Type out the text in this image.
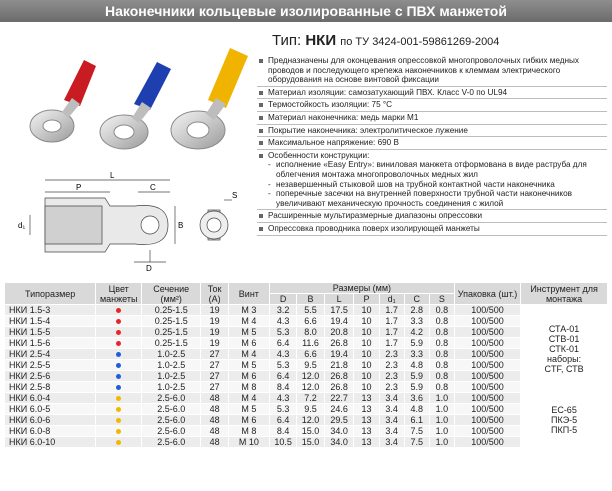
Наконечники кольцевые изолированные с ПВХ манжетой
Тип: НКИ по ТУ 3424-001-59861269-2004
L
P	C
d₁	B
D
S
Предназначены для оконцевания опрессовкой многопроволочных гибких медных проводов и последующего крепежа наконечников к клеммам электрического оборудования на основе винтовой фиксации
Материал изоляции: самозатухающий ПВХ. Класс V-0 по UL94
Термостойкость изоляции: 75 °С
Материал наконечника: медь марки М1
Покрытие наконечника: электролитическое лужение
Максимальное напряжение: 690 В
Особенности конструкции:
- исполнение «Easy Entry»: виниловая манжета отформована в виде раструба для облегчения монтажа многопроволочных медных жил
- незавершенный стыковой шов на трубной контактной части наконечника
- поперечные засечки на внутренней поверхности трубной части наконечников увеличивают механическую прочность соединения с жилой
Расширенные мультиразмерные диапазоны опрессовки
Опрессовка проводника поверх изолирующей манжеты
Типоразмер	Цвет манжеты	Сечение (мм²)	Ток (А)	Винт	Размеры (мм)							Упаковка (шт.)	Инструмент для монтажа
					D	B	L	P	d₁	C	S		
НКИ 1.5-3		0.25-1.5	19	М 3	3.2	5.5	17.5	10	1.7	2.8	0.8	100/500	СТА-01
СТВ-01
СТК-01
наборы:
CTF, СТВ

НКИ 1.5-4		0.25-1.5	19	М 4	4.3	6.6	19.4	10	1.7	3.3	0.8	100/500	
НКИ 1.5-5		0.25-1.5	19	М 5	5.3	8.0	20.8	10	1.7	4.2	0.8	100/500	
НКИ 1.5-6		0.25-1.5	19	М 6	6.4	11.6	26.8	10	1.7	5.9	0.8	100/500	
НКИ 2.5-4		1.0-2.5	27	М 4	4.3	6.6	19.4	10	2.3	3.3	0.8	100/500	
НКИ 2.5-5		1.0-2.5	27	М 5	5.3	9.5	21.8	10	2.3	4.8	0.8	100/500	
НКИ 2.5-6		1.0-2.5	27	М 6	6.4	12.0	26.8	10	2.3	5.9	0.8	100/500	
НКИ 2.5-8		1.0-2.5	27	М 8	8.4	12.0	26.8	10	2.3	5.9	0.8	100/500	
НКИ 6.0-4		2.5-6.0	48	М 4	4.3	7.2	22.7	13	3.4	3.6	1.0	100/500	ЕС-65
ПКЭ-5
ПКП-5

НКИ 6.0-5		2.5-6.0	48	М 5	5.3	9.5	24.6	13	3.4	4.8	1.0	100/500	
НКИ 6.0-6		2.5-6.0	48	М 6	6.4	12.0	29.5	13	3.4	6.1	1.0	100/500	
НКИ 6.0-8		2.5-6.0	48	М 8	8.4	15.0	34.0	13	3.4	7.5	1.0	100/500	
НКИ 6.0-10		2.5-6.0	48	М 10	10.5	15.0	34.0	13	3.4	7.5	1.0	100/500	
